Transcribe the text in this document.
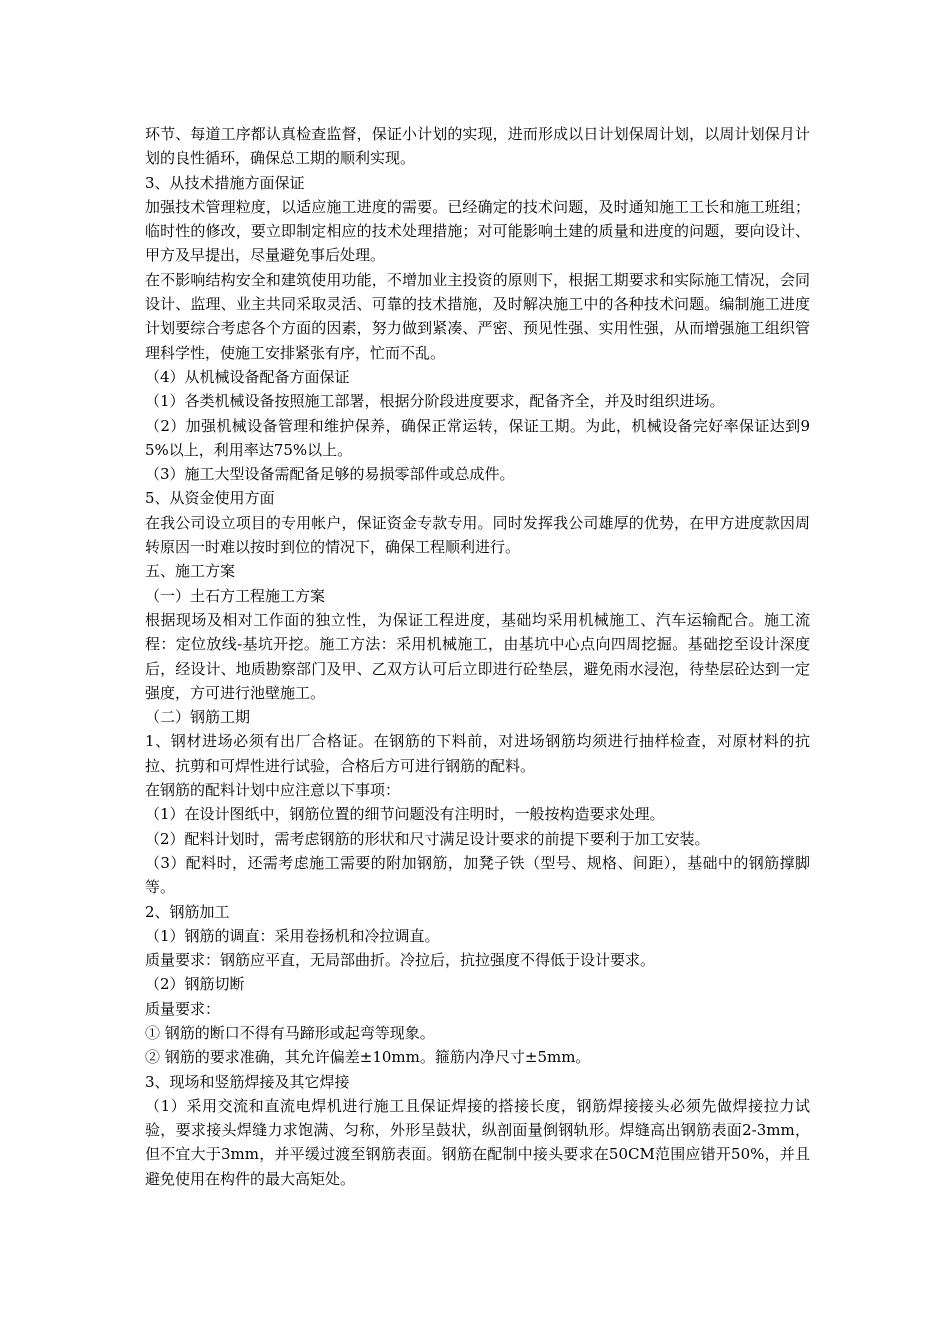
环节、每道工序都认真检查监督，保证小计划的实现，进而形成以日计划保周计划，以周计划保月计划的良性循环，确保总工期的顺利实现。

3、从技术措施方面保证

加强技术管理粒度，以适应施工进度的需要。已经确定的技术问题，及时通知施工工长和施工班组；临时性的修改，要立即制定相应的技术处理措施；对可能影响土建的质量和进度的问题，要向设计、甲方及早提出，尽量避免事后处理。

在不影响结构安全和建筑使用功能，不增加业主投资的原则下，根据工期要求和实际施工情况，会同设计、监理、业主共同采取灵活、可靠的技术措施，及时解决施工中的各种技术问题。编制施工进度计划要综合考虑各个方面的因素，努力做到紧凑、严密、预见性强、实用性强，从而增强施工组织管理科学性，使施工安排紧张有序，忙而不乱。

（4）从机械设备配备方面保证

（1）各类机械设备按照施工部署，根据分阶段进度要求，配备齐全，并及时组织进场。

（2）加强机械设备管理和维护保养，确保正常运转，保证工期。为此，机械设备完好率保证达到95%以上，利用率达75%以上。

（3）施工大型设备需配备足够的易损零部件或总成件。

5、从资金使用方面

在我公司设立项目的专用帐户，保证资金专款专用。同时发挥我公司雄厚的优势，在甲方进度款因周转原因一时难以按时到位的情况下，确保工程顺利进行。

五、施工方案

（一）土石方工程施工方案

根据现场及相对工作面的独立性，为保证工程进度，基础均采用机械施工、汽车运输配合。施工流程：定位放线-基坑开挖。施工方法：采用机械施工，由基坑中心点向四周挖掘。基础挖至设计深度后，经设计、地质勘察部门及甲、乙双方认可后立即进行砼垫层，避免雨水浸泡，待垫层砼达到一定强度，方可进行池壁施工。

（二）钢筋工期

1、钢材进场必须有出厂合格证。在钢筋的下料前，对进场钢筋均须进行抽样检查，对原材料的抗拉、抗剪和可焊性进行试验，合格后方可进行钢筋的配料。

在钢筋的配料计划中应注意以下事项：

（1）在设计图纸中，钢筋位置的细节问题没有注明时，一般按构造要求处理。

（2）配料计划时，需考虑钢筋的形状和尺寸满足设计要求的前提下要利于加工安装。

（3）配料时，还需考虑施工需要的附加钢筋，加凳子铁（型号、规格、间距），基础中的钢筋撑脚等。

2、钢筋加工

（1）钢筋的调直：采用卷扬机和冷拉调直。

质量要求：钢筋应平直，无局部曲折。冷拉后，抗拉强度不得低于设计要求。

（2）钢筋切断

质量要求：

① 钢筋的断口不得有马蹄形或起弯等现象。

② 钢筋的要求准确，其允许偏差±10mm。箍筋内净尺寸±5mm。

3、现场和竖筋焊接及其它焊接

（1）采用交流和直流电焊机进行施工且保证焊接的搭接长度，钢筋焊接接头必须先做焊接拉力试验，要求接头焊缝力求饱满、匀称，外形呈鼓状，纵剖面量倒钢轨形。焊缝高出钢筋表面2-3mm，但不宜大于3mm，并平缓过渡至钢筋表面。钢筋在配制中接头要求在50CM范围应错开50%，并且避免使用在构件的最大高矩处。
